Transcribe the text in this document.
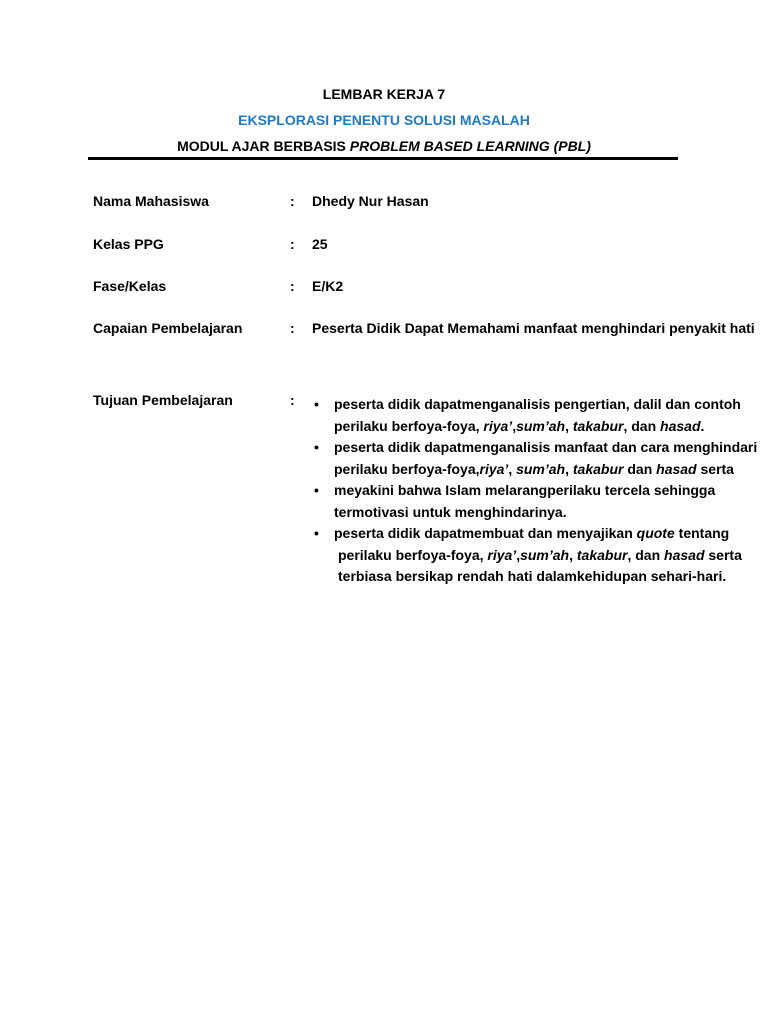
LEMBAR KERJA 7
EKSPLORASI PENENTU SOLUSI MASALAH
MODUL AJAR BERBASIS PROBLEM BASED LEARNING (PBL)
Nama Mahasiswa	: Dhedy Nur Hasan
Kelas PPG	: 25
Fase/Kelas	: E/K2
Capaian Pembelajaran	: Peserta Didik Dapat Memahami manfaat menghindari penyakit hati
Tujuan Pembelajaran	: • peserta didik dapatmenganalisis pengertian, dalil dan contoh
perilaku berfoya-foya, riya’,sum’ah, takabur, dan hasad.
• peserta didik dapatmenganalisis manfaat dan cara menghindari
perilaku berfoya-foya,riya’, sum’ah, takabur dan hasad serta
• meyakini bahwa Islam melarangperilaku tercela sehingga
termotivasi untuk menghindarinya.
• peserta didik dapatmembuat dan menyajikan quote tentang
perilaku berfoya-foya, riya’,sum’ah, takabur, dan hasad serta
terbiasa bersikap rendah hati dalamkehidupan sehari-hari.
